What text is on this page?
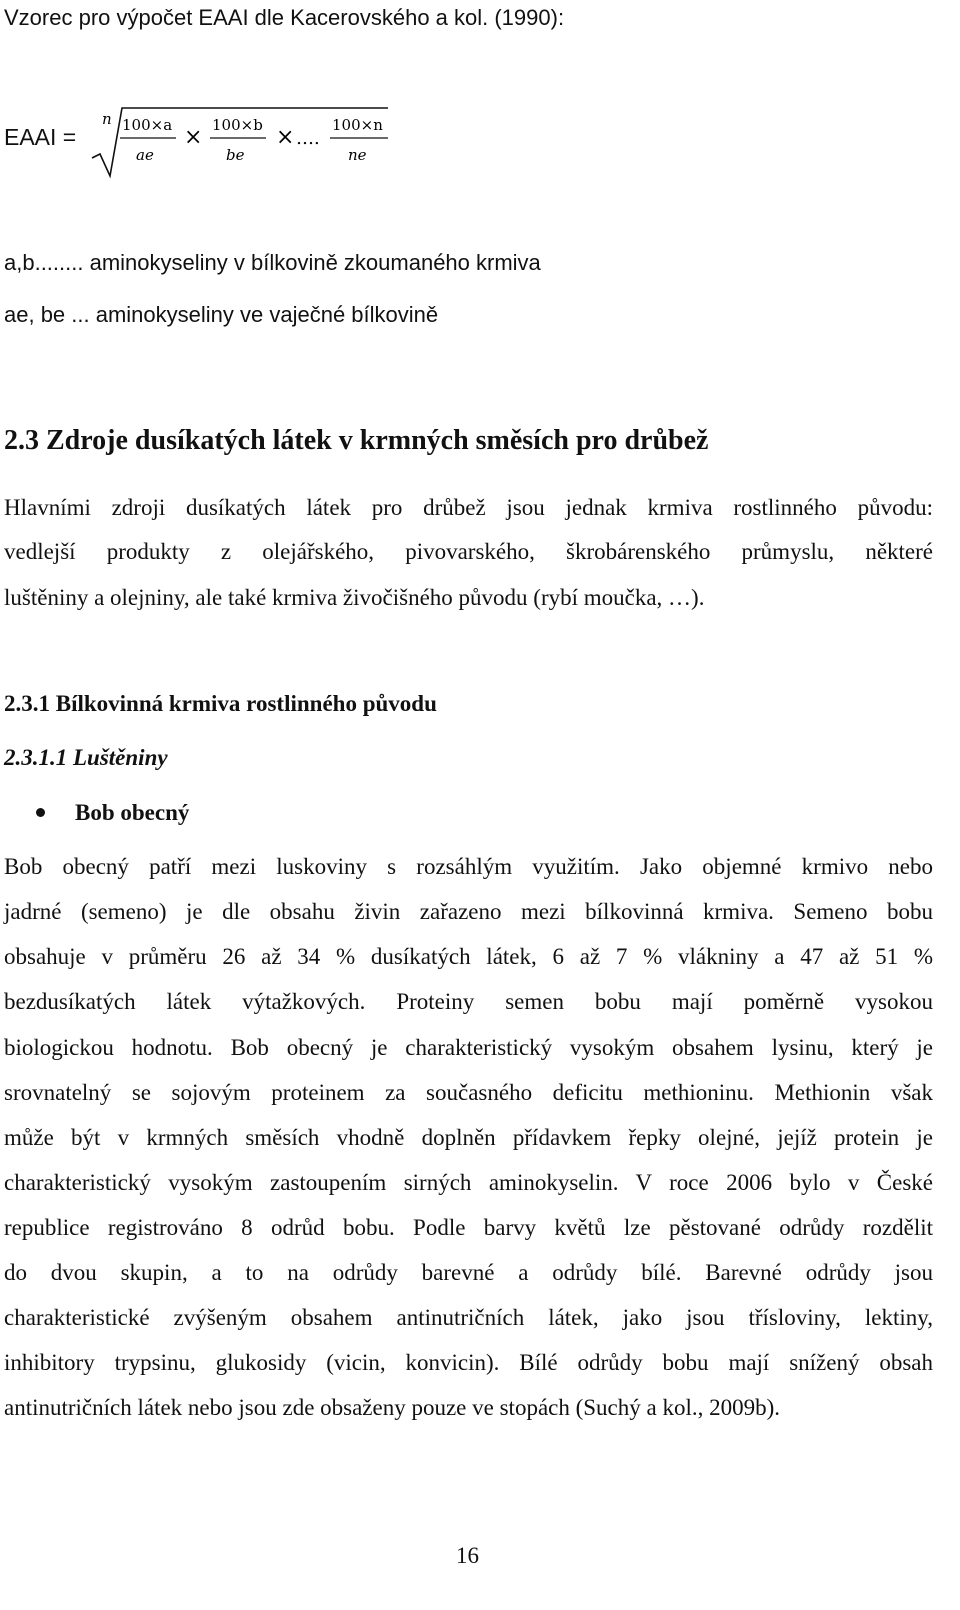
Vzorec pro výpočet EAAI dle Kacerovského a kol. (1990):
EAAI =
n 100×a
ae
× 100×b
be
× ….
100×n
ne
a,b........ aminokyseliny v bílkovině zkoumaného krmiva
ae, be ... aminokyseliny ve vaječné bílkovině
2.3 Zdroje dusíkatých látek v krmných směsích pro drůbež
Hlavními zdroji dusíkatých látek pro drůbež jsou jednak krmiva rostlinného původu:
vedlejší produkty z olejářského, pivovarského, škrobárenského průmyslu, některé
luštěniny a olejniny, ale také krmiva živočišného původu (rybí moučka, …).
2.3.1 Bílkovinná krmiva rostlinného původu
2.3.1.1 Luštěniny
Bob obecný
Bob obecný patří mezi luskoviny s rozsáhlým využitím. Jako objemné krmivo nebo
jadrné (semeno) je dle obsahu živin zařazeno mezi bílkovinná krmiva. Semeno bobu
obsahuje v průměru 26 až 34 % dusíkatých látek, 6 až 7 % vlákniny a 47 až 51 %
bezdusíkatých látek výtažkových. Proteiny semen bobu mají poměrně vysokou
biologickou hodnotu. Bob obecný je charakteristický vysokým obsahem lysinu, který je
srovnatelný se sojovým proteinem za současného deficitu methioninu. Methionin však
může být v krmných směsích vhodně doplněn přídavkem řepky olejné, jejíž protein je
charakteristický vysokým zastoupením sirných aminokyselin. V roce 2006 bylo v České
republice registrováno 8 odrůd bobu. Podle barvy květů lze pěstované odrůdy rozdělit
do dvou skupin, a to na odrůdy barevné a odrůdy bílé. Barevné odrůdy jsou
charakteristické zvýšeným obsahem antinutričních látek, jako jsou třísloviny, lektiny,
inhibitory trypsinu, glukosidy (vicin, konvicin). Bílé odrůdy bobu mají snížený obsah
antinutričních látek nebo jsou zde obsaženy pouze ve stopách (Suchý a kol., 2009b).
16
